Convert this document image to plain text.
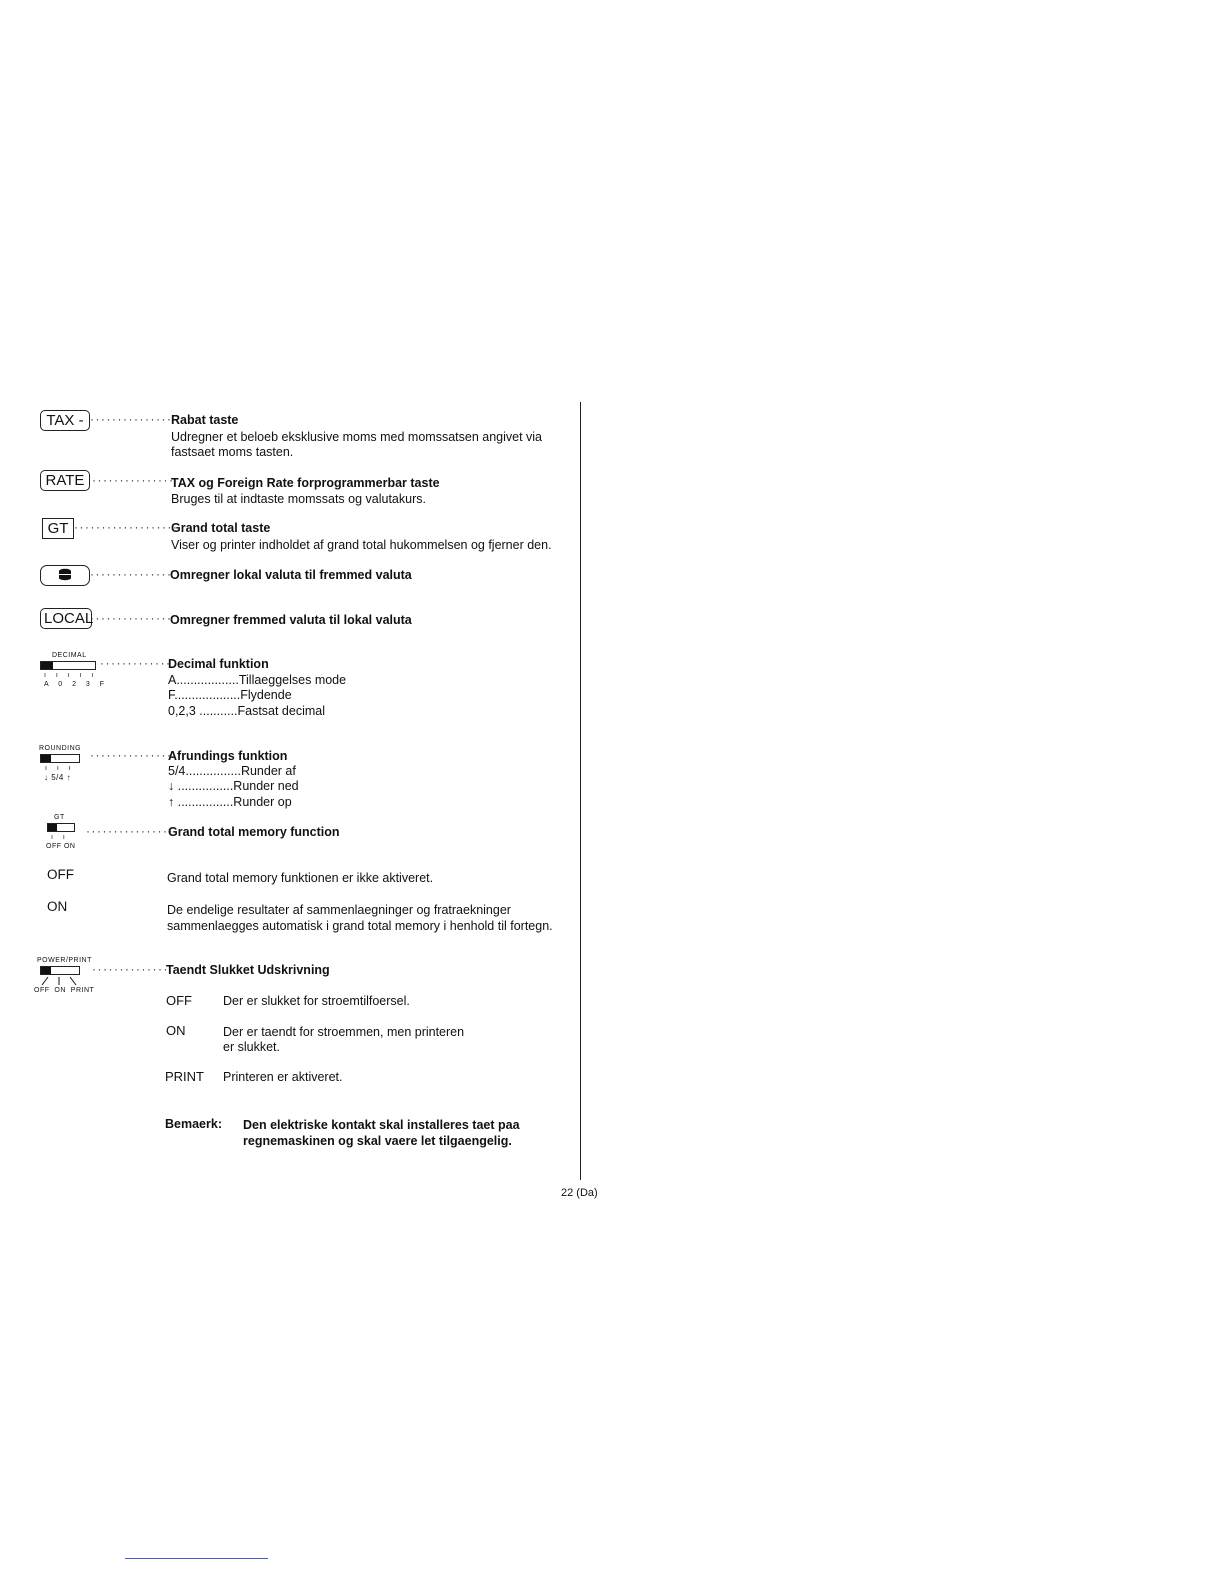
TAX - ···············
Rabat taste
Udregner et beloeb eksklusive moms med momssatsen angivet via
fastsaet moms tasten.
RATE ···············
TAX og Foreign Rate forprogrammerbar taste
Bruges til at indtaste momssats og valutakurs.
GT ···················
Grand total taste
Viser og printer indholdet af grand total hukommelsen og fjerner den.
···············
Omregner lokal valuta til fremmed valuta
LOCAL
···············
Omregner fremmed valuta til lokal valuta
DECIMAL
ı ı ı ı ı
A 0 2 3 F
·············
Decimal funktion
A..................Tillaeggelses mode
F...................Flydende
0,2,3 ...........Fastsat decimal
ROUNDING
ı ı ı
↓ 5/4 ↑
···············
Afrundings funktion
5/4................Runder af
↓ ................Runder ned
↑ ................Runder op
GT
ı ı
OFF ON
················
Grand total memory function
OFF	Grand total memory funktionen er ikke aktiveret.
ON	De endelige resultater af sammenlaegninger og fratraekninger
sammenlaegges automatisk i grand total memory i henhold til fortegn.
POWER/PRINT
OFF  ON  PRINT
··············
Taendt Slukket Udskrivning
OFF Der er slukket for stroemtilfoersel.
ON	Der er taendt for stroemmen, men printeren
er slukket.
PRINT Printeren er aktiveret.
Bemaerk: Den elektriske kontakt skal installeres taet paa
regnemaskinen og skal vaere let tilgaengelig.
22 (Da)
